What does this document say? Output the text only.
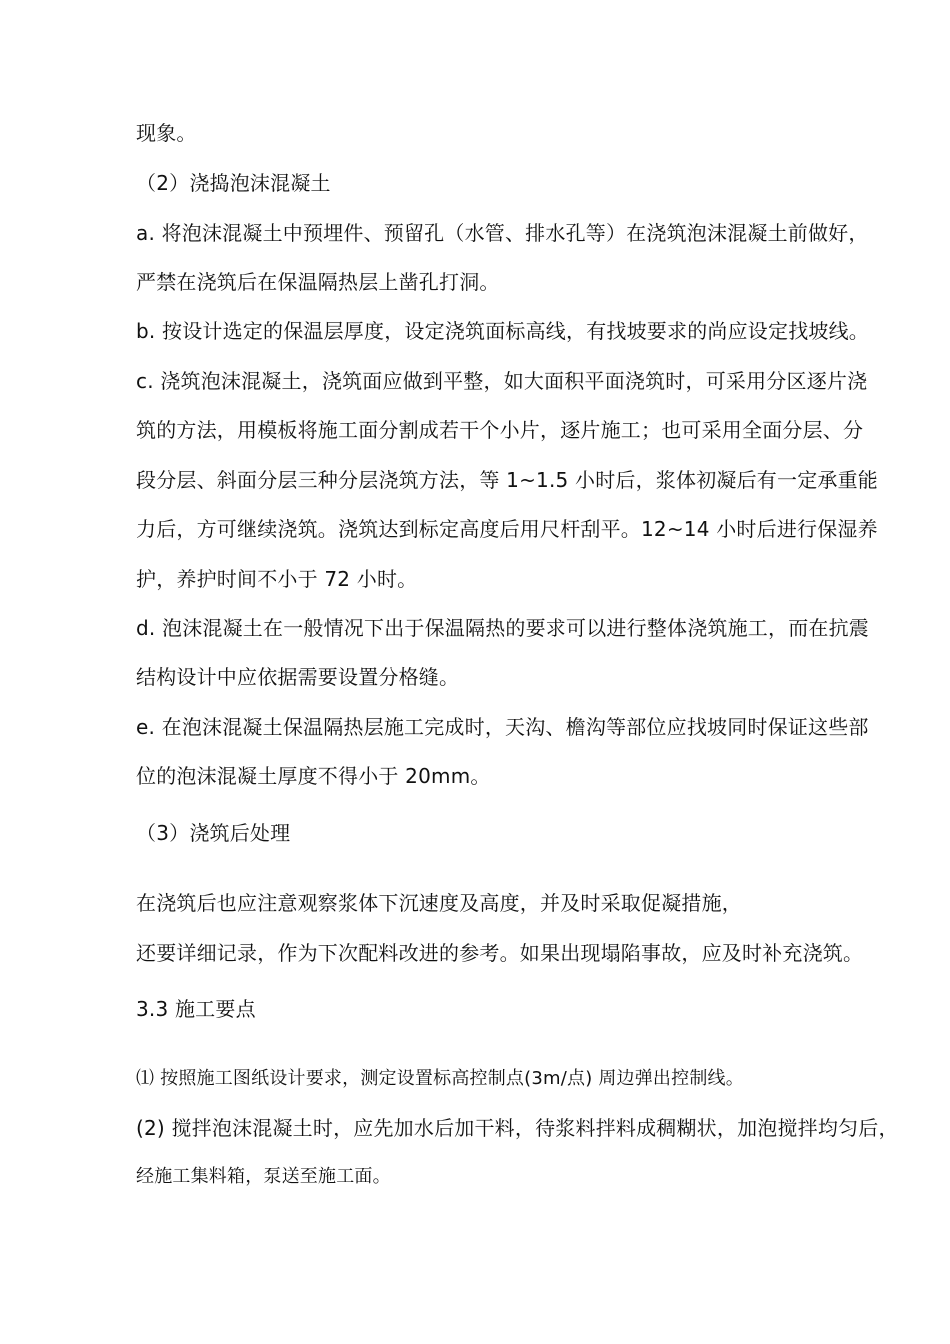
现象。
（2）浇捣泡沫混凝土
a. 将泡沫混凝土中预埋件、预留孔（水管、排水孔等）在浇筑泡沫混凝土前做好，
严禁在浇筑后在保温隔热层上凿孔打洞。
b. 按设计选定的保温层厚度，设定浇筑面标高线，有找坡要求的尚应设定找坡线。
c. 浇筑泡沫混凝土，浇筑面应做到平整，如大面积平面浇筑时，可采用分区逐片浇
筑的方法，用模板将施工面分割成若干个小片，逐片施工；也可采用全面分层、分
段分层、斜面分层三种分层浇筑方法，等 1~1.5 小时后，浆体初凝后有一定承重能
力后，方可继续浇筑。浇筑达到标定高度后用尺杆刮平。12~14 小时后进行保湿养
护，养护时间不小于 72 小时。
d. 泡沫混凝土在一般情况下出于保温隔热的要求可以进行整体浇筑施工，而在抗震
结构设计中应依据需要设置分格缝。
e. 在泡沫混凝土保温隔热层施工完成时，天沟、檐沟等部位应找坡同时保证这些部
位的泡沫混凝土厚度不得小于 20mm。
（3）浇筑后处理
在浇筑后也应注意观察浆体下沉速度及高度，并及时采取促凝措施，
还要详细记录，作为下次配料改进的参考。如果出现塌陷事故，应及时补充浇筑。
3.3 施工要点
⑴ 按照施工图纸设计要求，测定设置标高控制点(3m/点) 周边弹出控制线。
(2) 搅拌泡沫混凝土时，应先加水后加干料，待浆料拌料成稠糊状，加泡搅拌均匀后，
经施工集料箱，泵送至施工面。
